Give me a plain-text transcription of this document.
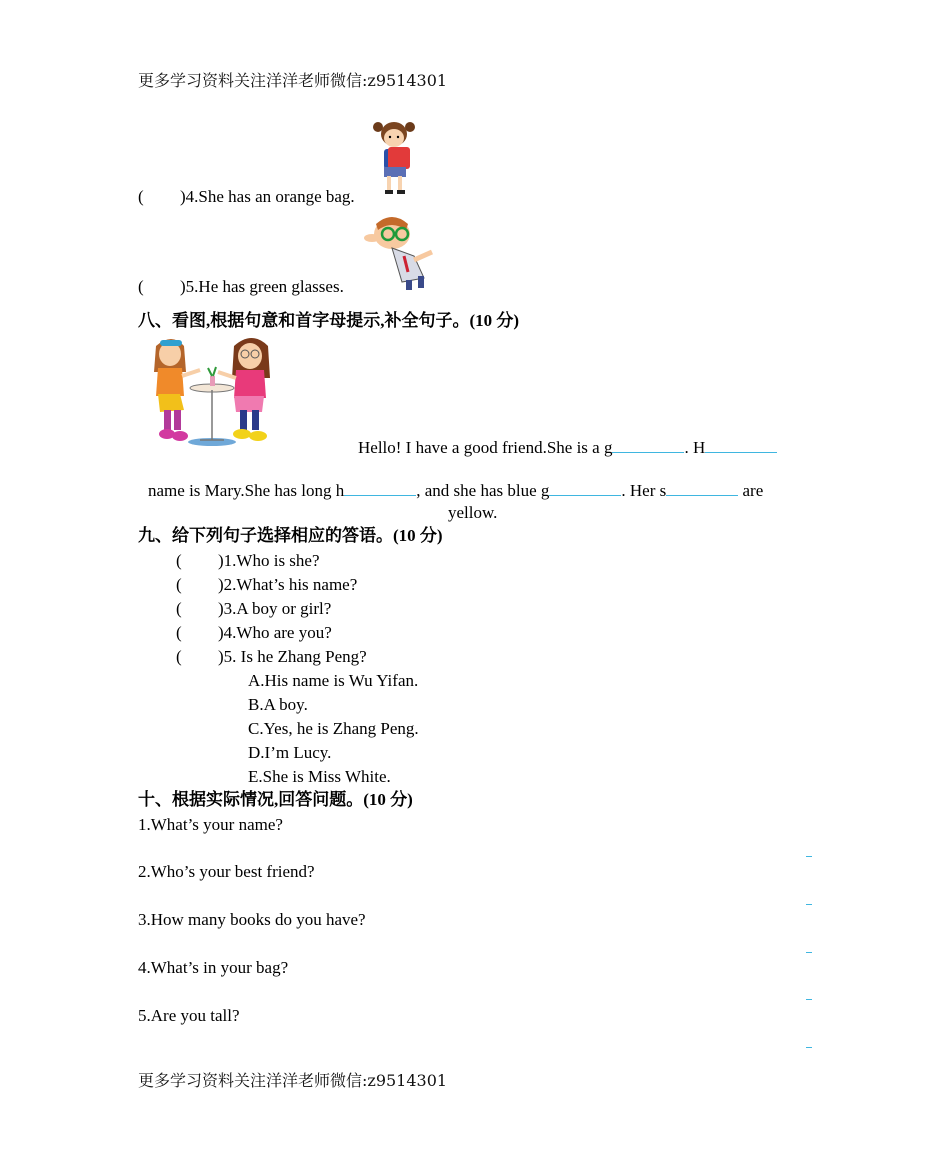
更多学习资料关注洋洋老师微信:z9514301
( )4.She has an orange bag.
( )5.He has green glasses.
八、看图,根据句意和首字母提示,补全句子。(10 分)
Hello! I have a good friend.She is a g	. H
name is Mary.She has long h	, and she has blue g	. Her s	are
yellow.
九、给下列句子选择相应的答语。(10 分)
( )1.Who is she?
( )2.What’s his name?
( )3.A boy or girl?
( )4.Who are you?
( )5. Is he Zhang Peng?
A.His name is Wu Yifan.
B.A boy.
C.Yes, he is Zhang Peng.
D.I’m Lucy.
E.She is Miss White.
十、根据实际情况,回答问题。(10 分)
1.What’s your name?
2.Who’s your best friend?
3.How many books do you have?
4.What’s in your bag?
5.Are you tall?
更多学习资料关注洋洋老师微信:z9514301
